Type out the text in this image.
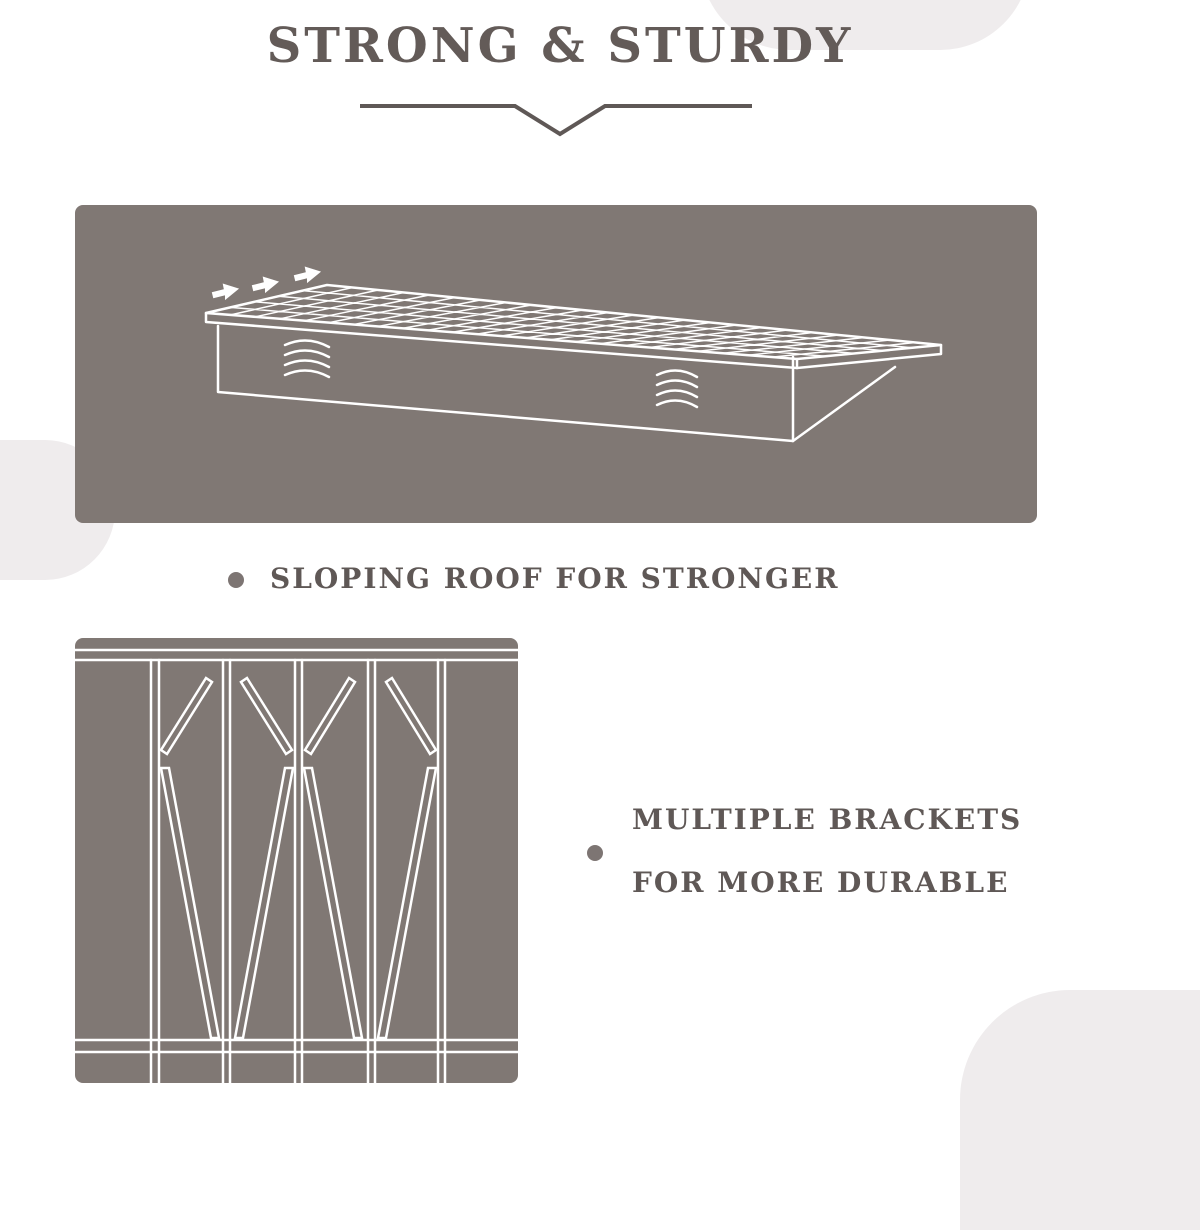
STRONG & STURDY
SLOPING ROOF FOR STRONGER
MULTIPLE BRACKETS
FOR MORE DURABLE
